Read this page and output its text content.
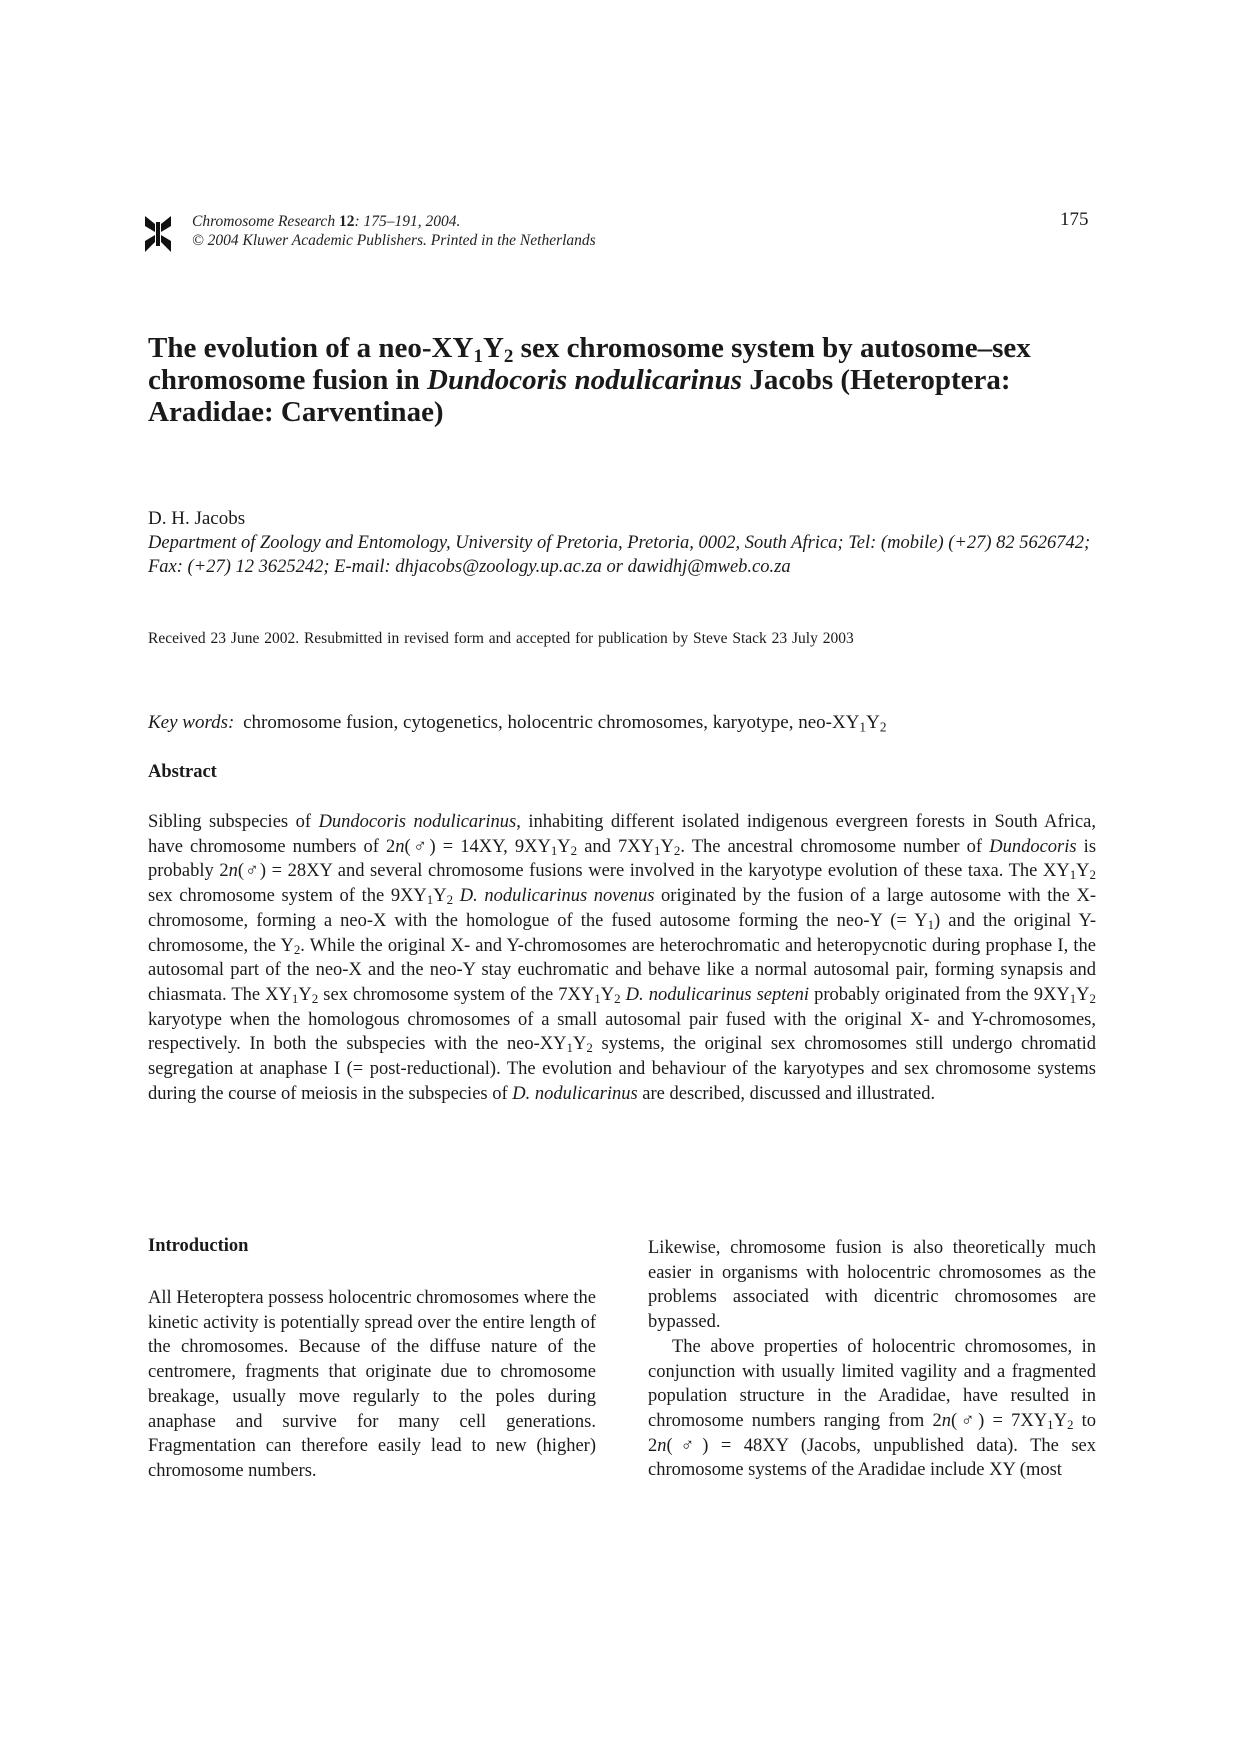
Chromosome Research 12: 175–191, 2004.
© 2004 Kluwer Academic Publishers. Printed in the Netherlands
175
The evolution of a neo-$XY_1Y_2$ sex chromosome system by autosome–sex chromosome fusion in Dundocoris nodulicarinus Jacobs (Heteroptera: Aradidae: Carventinae)
D. H. Jacobs
Department of Zoology and Entomology, University of Pretoria, Pretoria, 0002, South Africa; Tel: (mobile) (+27) 82 5626742; Fax: (+27) 12 3625242; E-mail: dhjacobs@zoology.up.ac.za or dawidhj@mweb.co.za
Received 23 June 2002. Resubmitted in revised form and accepted for publication by Steve Stack 23 July 2003
Key words: chromosome fusion, cytogenetics, holocentric chromosomes, karyotype, neo-$XY_1Y_2$
Abstract
Sibling subspecies of Dundocoris nodulicarinus, inhabiting different isolated indigenous evergreen forests in South Africa, have chromosome numbers of 2n(♂) = 14XY, $9XY_1Y_2$ and $7XY_1Y_2$. The ancestral chromosome number of Dundocoris is probably 2n(♂) = 28XY and several chromosome fusions were involved in the karyotype evolution of these taxa. The $XY_1Y_2$ sex chromosome system of the $9XY_1Y_2$ D. nodulicarinus novenus originated by the fusion of a large autosome with the X-chromosome, forming a neo-X with the homologue of the fused autosome forming the neo-Y (= $Y_1$) and the original Y-chromosome, the $Y_2$. While the original X- and Y-chromosomes are heterochromatic and heteropycnotic during prophase I, the autosomal part of the neo-X and the neo-Y stay euchromatic and behave like a normal autosomal pair, forming synapsis and chiasmata. The $XY_1Y_2$ sex chromosome system of the $7XY_1Y_2$ D. nodulicarinus septeni probably originated from the $9XY_1Y_2$ karyotype when the homologous chromosomes of a small autosomal pair fused with the original X- and Y-chromosomes, respectively. In both the subspecies with the neo-$XY_1Y_2$ systems, the original sex chromosomes still undergo chromatid segregation at anaphase I (= post-reductional). The evolution and behaviour of the karyotypes and sex chromosome systems during the course of meiosis in the subspecies of D. nodulicarinus are described, discussed and illustrated.
Introduction

All Heteroptera possess holocentric chromosomes where the kinetic activity is potentially spread over the entire length of the chromosomes. Because of the diffuse nature of the centromere, fragments that originate due to chromosome breakage, usually move regularly to the poles during anaphase and survive for many cell generations. Fragmentation can therefore easily lead to new (higher) chromosome numbers.

Likewise, chromosome fusion is also theoretically much easier in organisms with holocentric chromosomes as the problems associated with dicentric chromosomes are bypassed.

The above properties of holocentric chromosomes, in conjunction with usually limited vagility and a fragmented population structure in the Aradidae, have resulted in chromosome numbers ranging from 2n(♂) = $7XY_1Y_2$ to 2n(♂) = 48XY (Jacobs, unpublished data). The sex chromosome systems of the Aradidae include XY (most
